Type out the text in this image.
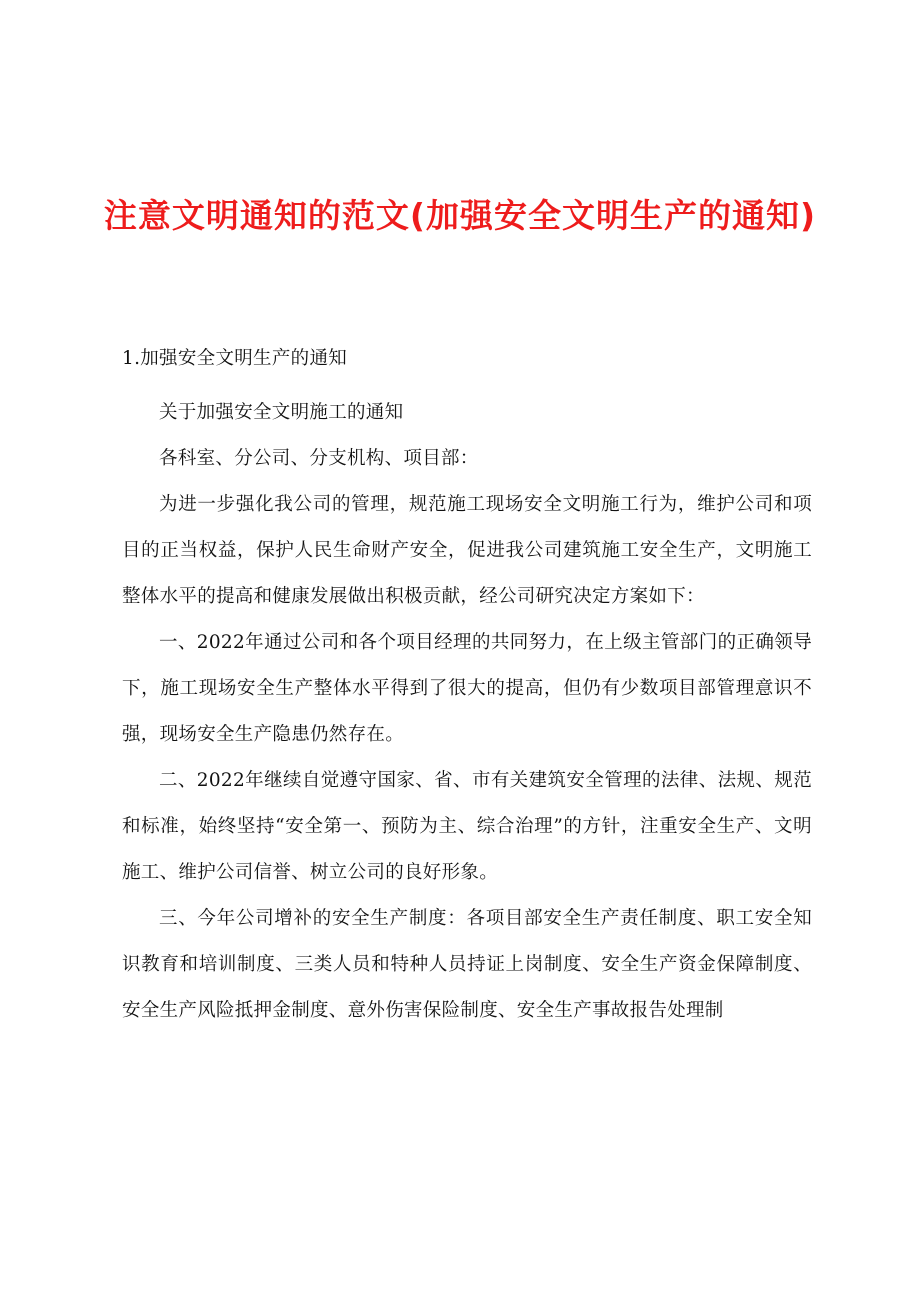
注意文明通知的范文(加强安全文明生产的通知)

1.加强安全文明生产的通知

关于加强安全文明施工的通知

各科室、分公司、分支机构、项目部：

为进一步强化我公司的管理，规范施工现场安全文明施工行为，维护公司和项目的正当权益，保护人民生命财产安全，促进我公司建筑施工安全生产，文明施工整体水平的提高和健康发展做出积极贡献，经公司研究决定方案如下：

一、2022年通过公司和各个项目经理的共同努力，在上级主管部门的正确领导下，施工现场安全生产整体水平得到了很大的提高，但仍有少数项目部管理意识不强，现场安全生产隐患仍然存在。

二、2022年继续自觉遵守国家、省、市有关建筑安全管理的法律、法规、规范和标准，始终坚持“安全第一、预防为主、综合治理”的方针，注重安全生产、文明施工、维护公司信誉、树立公司的良好形象。

三、今年公司增补的安全生产制度：各项目部安全生产责任制度、职工安全知识教育和培训制度、三类人员和特种人员持证上岗制度、安全生产资金保障制度、安全生产风险抵押金制度、意外伤害保险制度、安全生产事故报告处理制
